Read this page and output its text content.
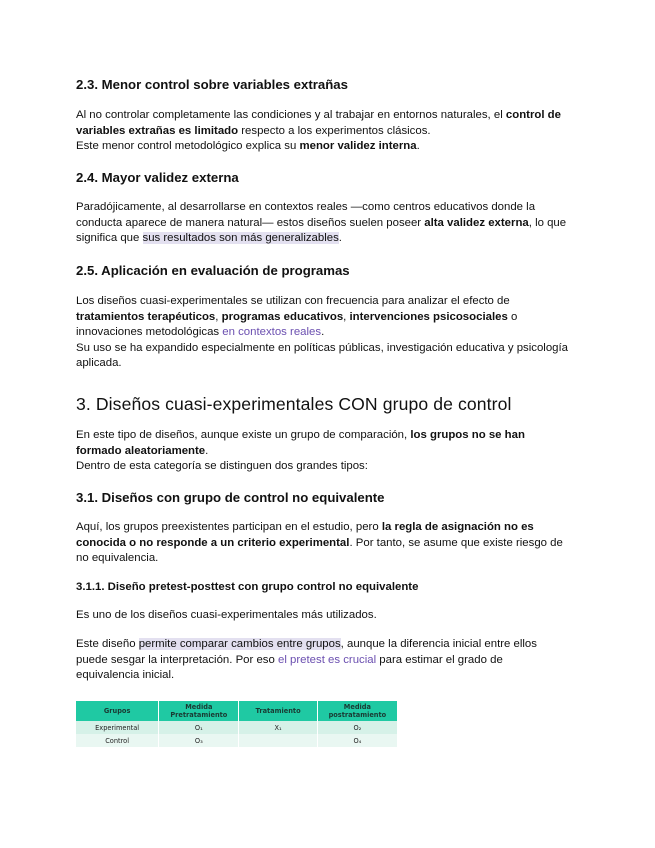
2.3. Menor control sobre variables extrañas

Al no controlar completamente las condiciones y al trabajar en entornos naturales, el control de variables extrañas es limitado respecto a los experimentos clásicos.
Este menor control metodológico explica su menor validez interna.

2.4. Mayor validez externa

Paradójicamente, al desarrollarse en contextos reales —como centros educativos donde la conducta aparece de manera natural— estos diseños suelen poseer alta validez externa, lo que significa que sus resultados son más generalizables.

2.5. Aplicación en evaluación de programas

Los diseños cuasi-experimentales se utilizan con frecuencia para analizar el efecto de tratamientos terapéuticos, programas educativos, intervenciones psicosociales o innovaciones metodológicas en contextos reales.
Su uso se ha expandido especialmente en políticas públicas, investigación educativa y psicología aplicada.

3. Diseños cuasi-experimentales CON grupo de control

En este tipo de diseños, aunque existe un grupo de comparación, los grupos no se han formado aleatoriamente.
Dentro de esta categoría se distinguen dos grandes tipos:

3.1. Diseños con grupo de control no equivalente

Aquí, los grupos preexistentes participan en el estudio, pero la regla de asignación no es conocida o no responde a un criterio experimental. Por tanto, se asume que existe riesgo de no equivalencia.

3.1.1. Diseño pretest-posttest con grupo control no equivalente

Es uno de los diseños cuasi-experimentales más utilizados.

Este diseño permite comparar cambios entre grupos, aunque la diferencia inicial entre ellos puede sesgar la interpretación. Por eso el pretest es crucial para estimar el grado de equivalencia inicial.

Grupos	Medida Pretratamiento	Tratamiento	Medida postratamiento
Experimental	O₁	X₁	O₂
Control	O₃		O₄
